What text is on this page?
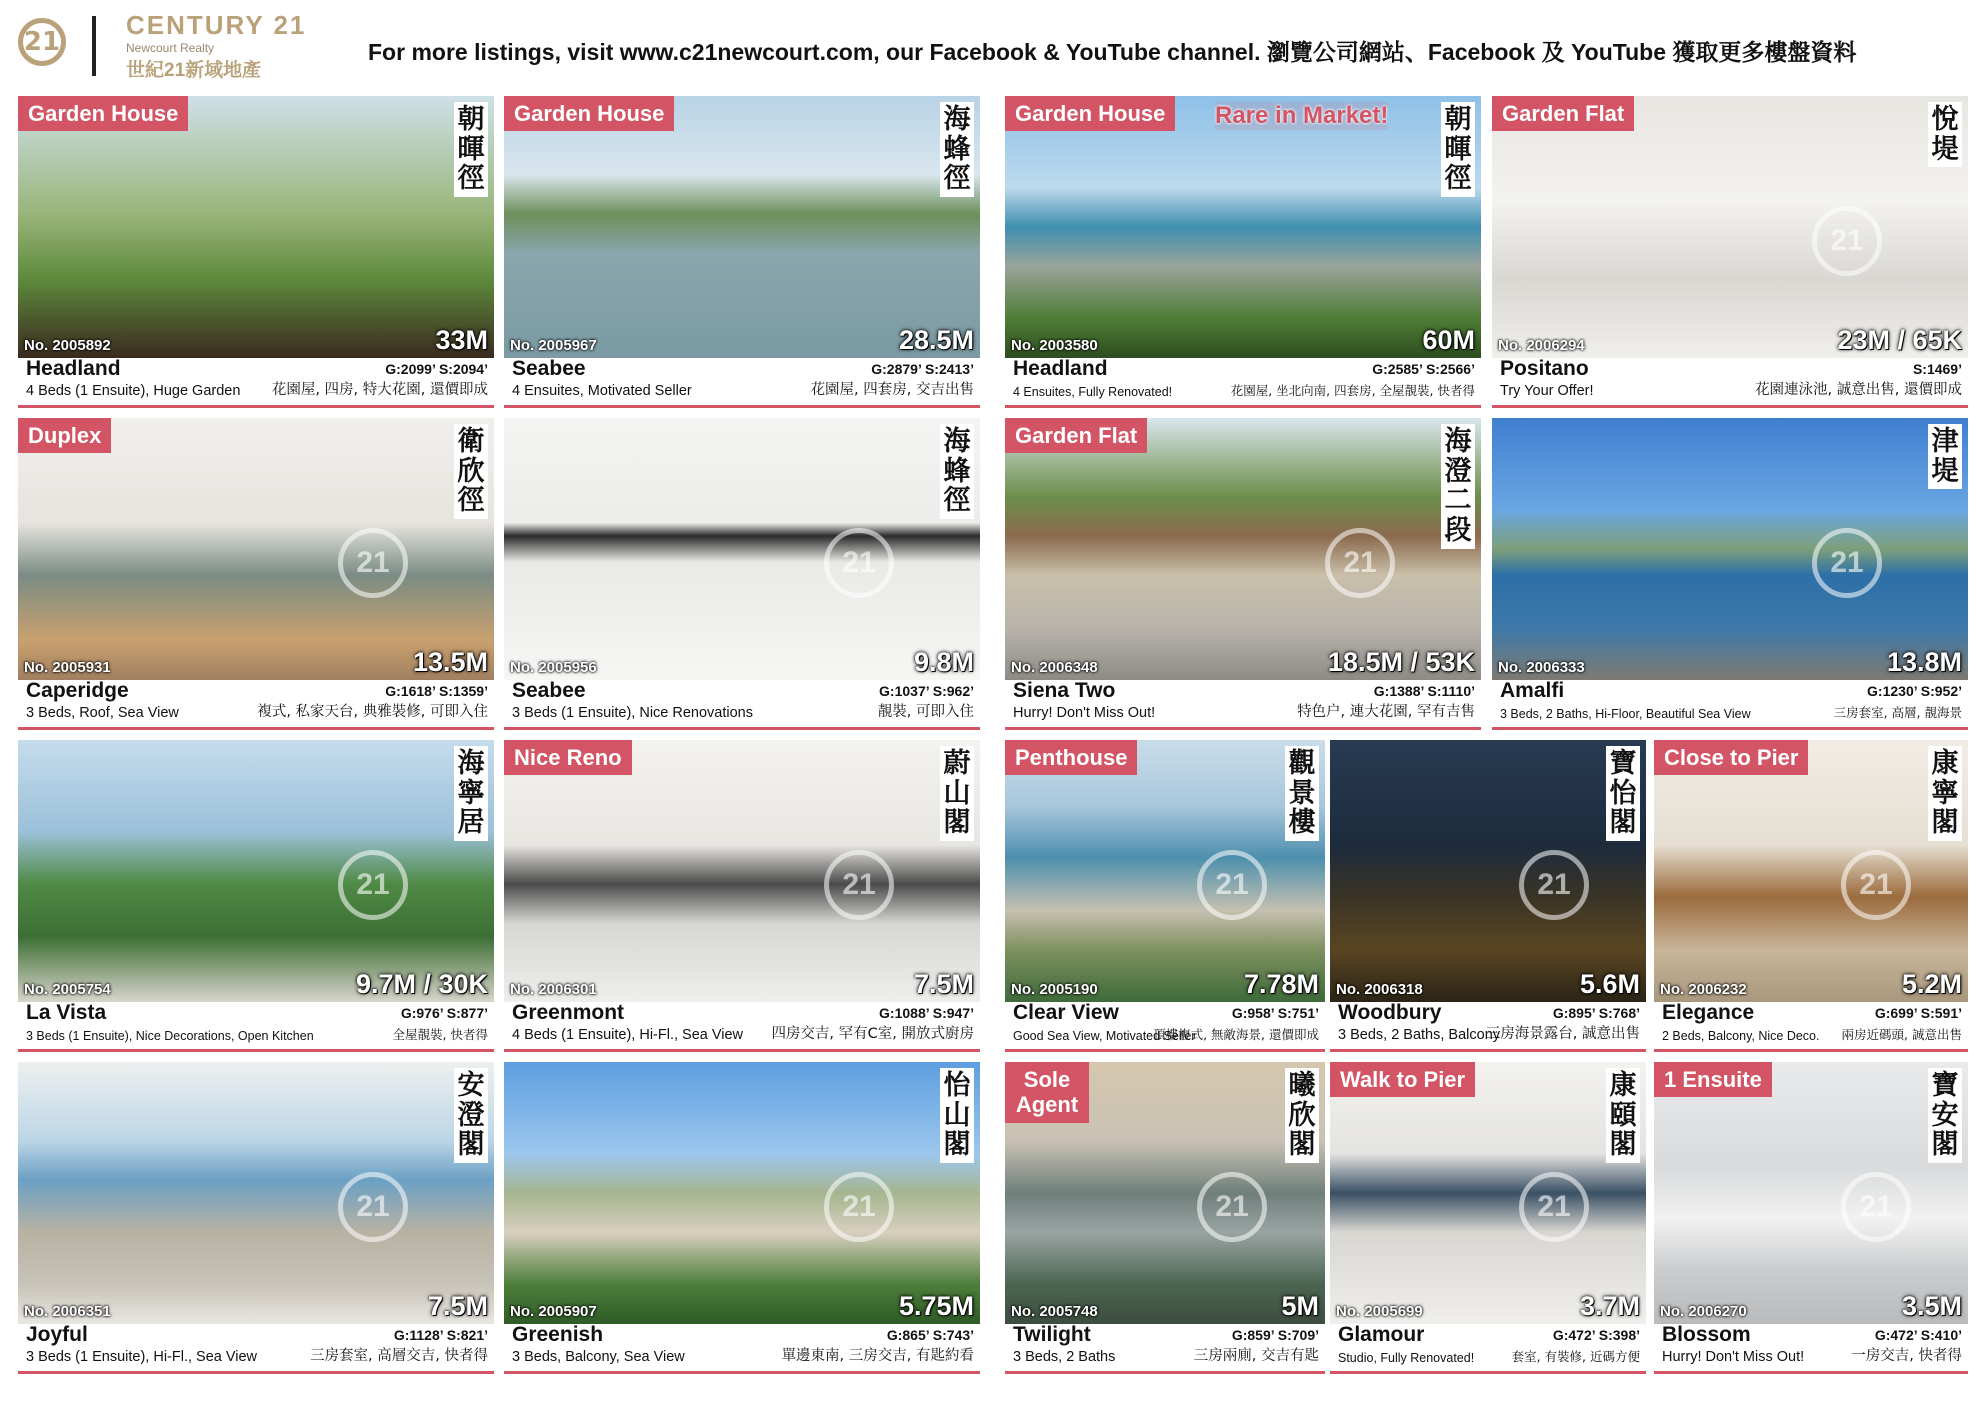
21
CENTURY 21
Newcourt Realty
世紀21新域地產
For more listings, visit www.c21newcourt.com, our Facebook & YouTube channel. 瀏覽公司網站、Facebook 及 YouTube 獲取更多樓盤資料
Garden House	朝暉徑
No. 2005892	33M
Headland	G:2099’ S:2094’
4 Beds (1 Ensuite), Huge Garden 花園屋, 四房, 特大花園, 還價即成
Garden House	海蜂徑
No. 2005967	28.5M
Seabee	G:2879’ S:2413’
4 Ensuites, Motivated Seller	花園屋, 四套房, 交吉出售
Garden House	Rare in Market! 朝暉徑
No. 2003580	60M
Headland	G:2585’ S:2566’
4 Ensuites, Fully Renovated!	花園屋, 坐北向南, 四套房, 全屋靚裝, 快者得
Garden Flat	悅堤
21
No. 2006294	23M / 65K
Positano	S:1469’
Try Your Offer!	花園連泳池, 誠意出售, 還價即成
Duplex	衛欣徑
21
No. 2005931	13.5M
Caperidge	G:1618’ S:1359’
3 Beds, Roof, Sea View	複式, 私家天台, 典雅裝修, 可即入住
海蜂徑
21
No. 2005956	9.8M
Seabee	G:1037’ S:962’
3 Beds (1 Ensuite), Nice Renovations	靚裝, 可即入住
Garden Flat	海澄二段
21
No. 2006348	18.5M / 53K
Siena Two	G:1388’ S:1110’
Hurry! Don't Miss Out!	特色户, 連大花園, 罕有吉售
津堤
21
No. 2006333	13.8M
Amalfi	G:1230’ S:952’
3 Beds, 2 Baths, Hi-Floor, Beautiful Sea View	三房套室, 高層, 靚海景
海寧居
21
No. 2005754	9.7M / 30K
La Vista	G:976’ S:877’
3 Beds (1 Ensuite), Nice Decorations, Open Kitchen	全屋靚裝, 快者得
Nice Reno	蔚山閣
21
No. 2006301	7.5M
Greenmont	G:1088’ S:947’
4 Beds (1 Ensuite), Hi-Fl., Sea View 四房交吉, 罕有C室, 開放式廚房
Penthouse	觀景樓
21
No. 2005190	7.78M
Clear View	G:958’ S:751’
Good Sea View, Motivated Seller
頂樓複式, 無敵海景, 還價即成
寶怡閣
21
No. 2006318	5.6M
Woodbury	G:895’ S:768’
3 Beds, 2 Baths, Balcony
三房海景露台, 誠意出售
Close to Pier	康寧閣
21
No. 2006232	5.2M
Elegance	G:699’ S:591’
2 Beds, Balcony, Nice Deco. 兩房近碼頭, 誠意出售
安澄閣
21
No. 2006351	7.5M
Joyful	G:1128’ S:821’
3 Beds (1 Ensuite), Hi-Fl., Sea View	三房套室, 高層交吉, 快者得
怡山閣
21
No. 2005907	5.75M
Greenish	G:865’ S:743’
3 Beds, Balcony, Sea View	單邊東南, 三房交吉, 有匙約看
Sole Agent
曦欣閣
21
No. 2005748	5M
Twilight	G:859’ S:709’
3 Beds, 2 Baths	三房兩廁, 交吉有匙
Walk to Pier	康頤閣
21
No. 2005699	3.7M
Glamour	G:472’ S:398’
Studio, Fully Renovated!	套室, 有裝修, 近碼方便
1 Ensuite	寶安閣
21
No. 2006270	3.5M
Blossom	G:472’ S:410’
Hurry! Don't Miss Out!	一房交吉, 快者得
